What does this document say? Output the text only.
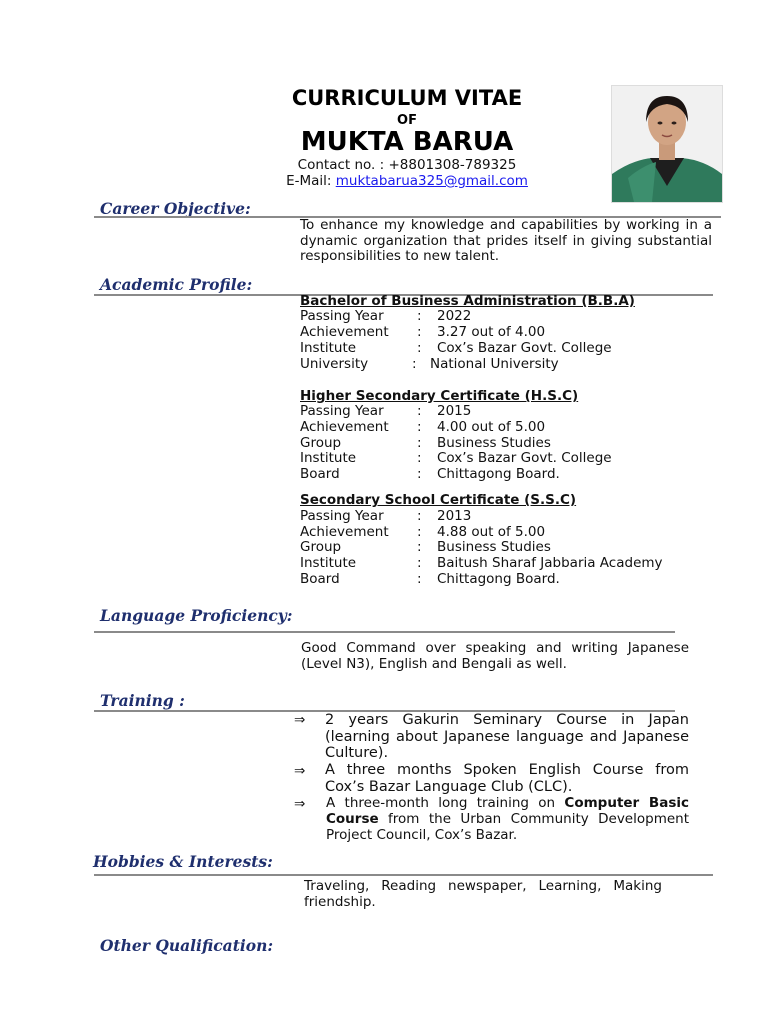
CURRICULUM VITAE
OF
MUKTA BARUA
Contact no. : +8801308-789325
E-Mail: muktabarua325@gmail.com
Career Objective:
To enhance my knowledge and capabilities by working in a dynamic organization that prides itself in giving substantial responsibilities to new talent.
Academic Profile:
Bachelor of Business Administration (B.B.A)
Passing Year : 2022
Achievement : 3.27 out of 4.00
Institute	: Cox’s Bazar Govt. College
University	: National University
Higher Secondary Certificate (H.S.C)
Passing Year : 2015
Achievement : 4.00 out of 5.00
Group	: Business Studies
Institute	: Cox’s Bazar Govt. College
Board	: Chittagong Board.
Secondary School Certificate (S.S.C)
Passing Year : 2013
Achievement : 4.88 out of 5.00
Group	: Business Studies
Institute	: Baitush Sharaf Jabbaria Academy
Board	: Chittagong Board.
Language Proficiency:
Good Command over speaking and writing Japanese (Level N3), English and Bengali as well.
Training :
⇒ 2 years Gakurin Seminary Course in Japan (learning about Japanese language and Japanese Culture).
⇒ A three months Spoken English Course from Cox’s Bazar Language Club (CLC).
⇒ A three-month long training on Computer Basic Course from the Urban Community Development Project Council, Cox’s Bazar.
Hobbies & Interests:
Traveling, Reading newspaper, Learning, Making friendship.
Other Qualification:
